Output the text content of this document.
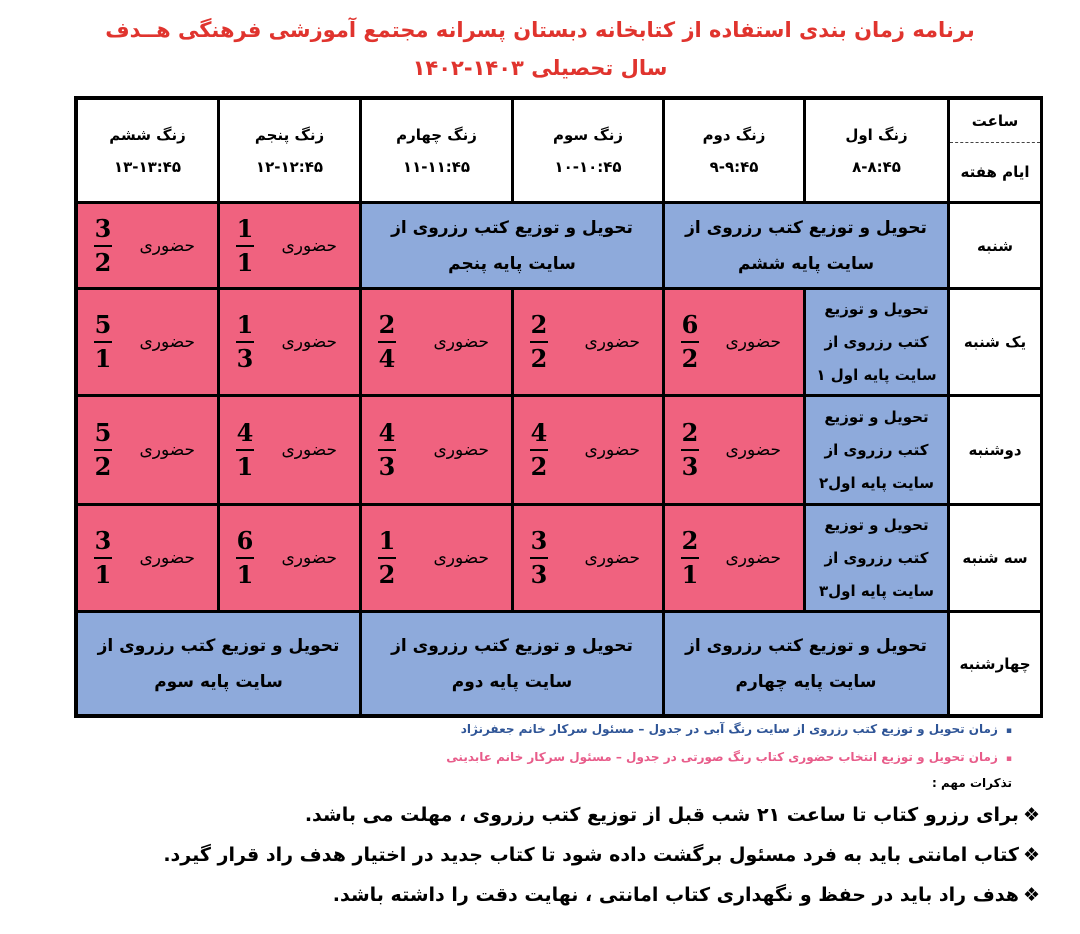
برنامه زمان بندی استفاده از کتابخانه دبستان پسرانه مجتمع آموزشی فرهنگی هــدف
سال تحصیلی ۱۴۰۳-۱۴۰۲
ساعت
ایام هفته
زنگ اول
۸-۸:۴۵
زنگ دوم
۹-۹:۴۵
زنگ سوم
۱۰-۱۰:۴۵
زنگ چهارم
۱۱-۱۱:۴۵
زنگ پنجم
۱۲-۱۲:۴۵
زنگ ششم
۱۳-۱۳:۴۵
شنبه
یک شنبه
دوشنبه
سه شنبه
چهارشنبه
تحویل و توزیع کتب رزروی از سایت پایه ششم
تحویل و توزیع کتب رزروی از سایت پایه پنجم
حضوری
1
1
حضوری
3
2
تحویل و توزیع کتب رزروی از سایت پایه اول ۱
حضوری
6
2
حضوری
2
2
حضوری
2
4
حضوری
1
3
حضوری
5
1
تحویل و توزیع کتب رزروی از سایت پایه اول۲
حضوری
2
3
حضوری
4
2
حضوری
4
3
حضوری
4
1
حضوری
5
2
تحویل و توزیع کتب رزروی از سایت پایه اول۳
حضوری
2
1
حضوری
3
3
حضوری
1
2
حضوری
6
1
حضوری
3
1
تحویل و توزیع کتب رزروی از سایت پایه چهارم
تحویل و توزیع کتب رزروی از سایت پایه دوم
تحویل و توزیع کتب رزروی از سایت پایه سوم
▪زمان تحویل و توزیع کتب رزروی از سایت رنگ آبی در جدول – مسئول سرکار خانم جعفرنژاد
▪زمان تحویل و توزیع انتخاب حضوری کتاب رنگ صورتی در جدول – مسئول سرکار خانم عابدینی
تذکرات مهم :
❖برای رزرو کتاب تا ساعت ۲۱ شب قبل از توزیع کتب رزروی ، مهلت می باشد.
❖کتاب امانتی باید به فرد مسئول برگشت داده شود تا کتاب جدید در اختیار هدف راد قرار گیرد.
❖هدف راد باید در حفظ و نگهداری کتاب امانتی ، نهایت دقت را داشته باشد.
